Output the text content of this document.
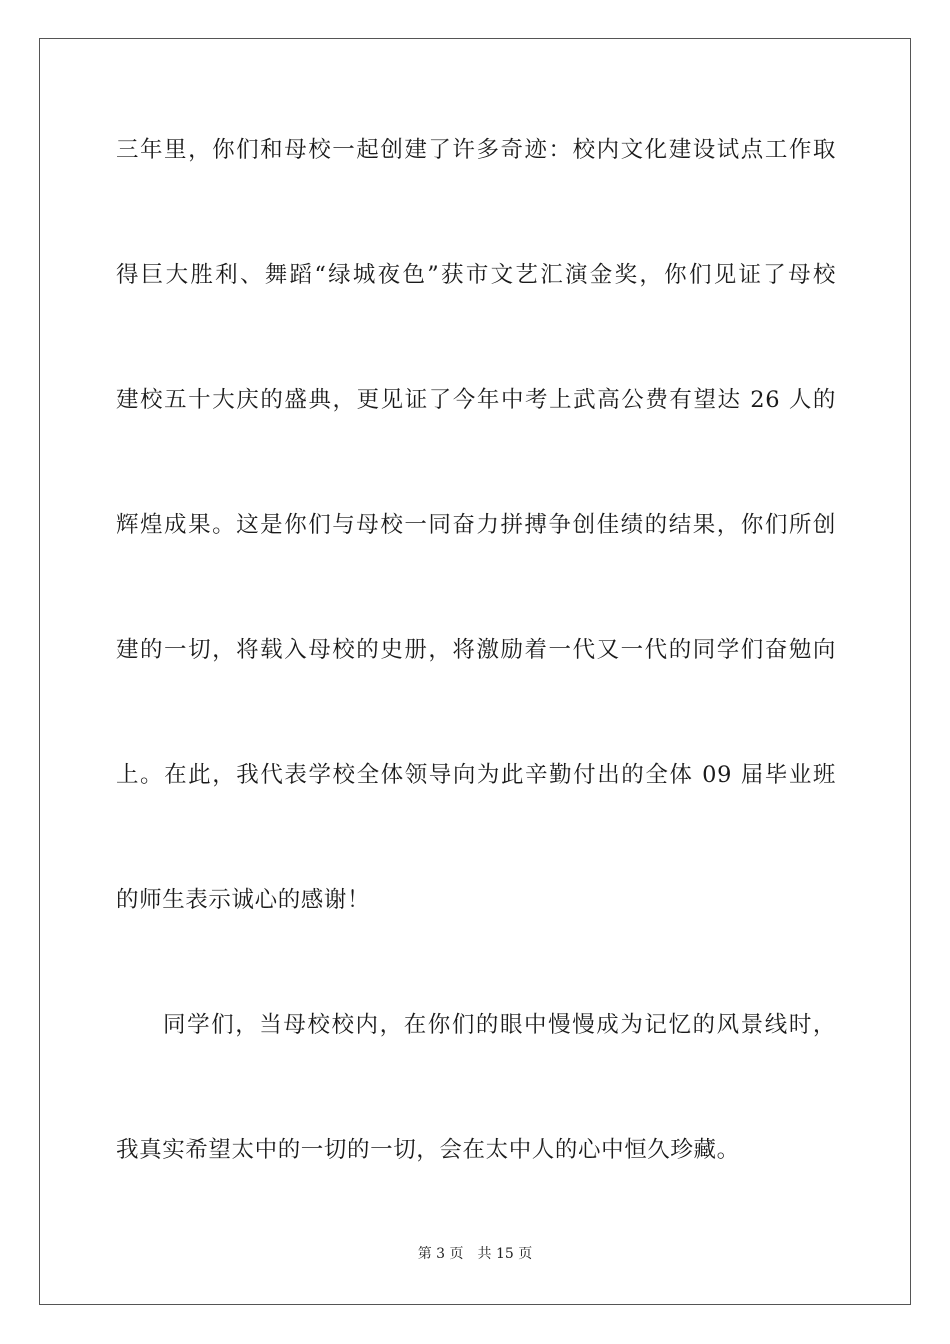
三年里，你们和母校一起创建了许多奇迹：校内文化建设试点工作取
得巨大胜利、舞蹈“绿城夜色”获市文艺汇演金奖，你们见证了母校
建校五十大庆的盛典，更见证了今年中考上武高公费有望达 26 人的
辉煌成果。这是你们与母校一同奋力拼搏争创佳绩的结果，你们所创
建的一切，将载入母校的史册，将激励着一代又一代的同学们奋勉向
上。在此，我代表学校全体领导向为此辛勤付出的全体 09 届毕业班
的师生表示诚心的感谢！
同学们，当母校校内，在你们的眼中慢慢成为记忆的风景线时，
我真实希望太中的一切的一切，会在太中人的心中恒久珍藏。
第 3 页 共 15 页
